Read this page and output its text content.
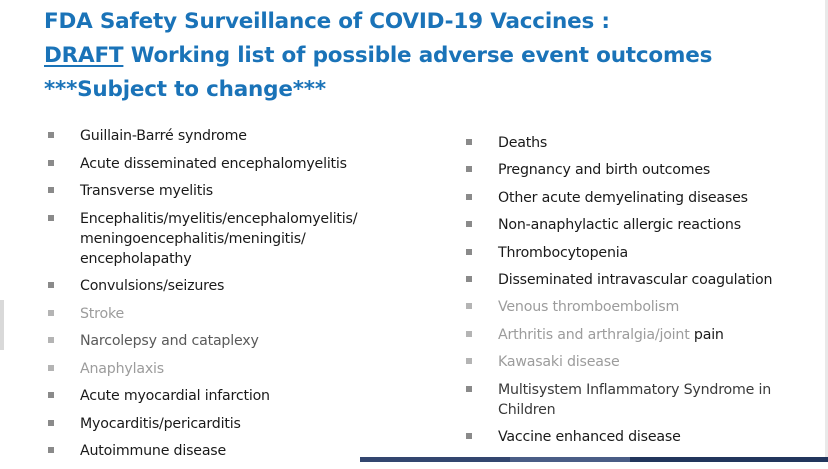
FDA Safety Surveillance of COVID-19 Vaccines :
DRAFT Working list of possible adverse event outcomes
***Subject to change***
Guillain-Barré syndrome
Acute disseminated encephalomyelitis
Transverse myelitis
Encephalitis/myelitis/encephalomyelitis/ meningoencephalitis/meningitis/ encepholapathy
Convulsions/seizures
Stroke
Narcolepsy and cataplexy
Anaphylaxis
Acute myocardial infarction
Myocarditis/pericarditis
Autoimmune disease
Deaths
Pregnancy and birth outcomes
Other acute demyelinating diseases
Non-anaphylactic allergic reactions
Thrombocytopenia
Disseminated intravascular coagulation
Venous thromboembolism
Arthritis and arthralgia/joint pain
Kawasaki disease
Multisystem Inflammatory Syndrome in Children
Vaccine enhanced disease
